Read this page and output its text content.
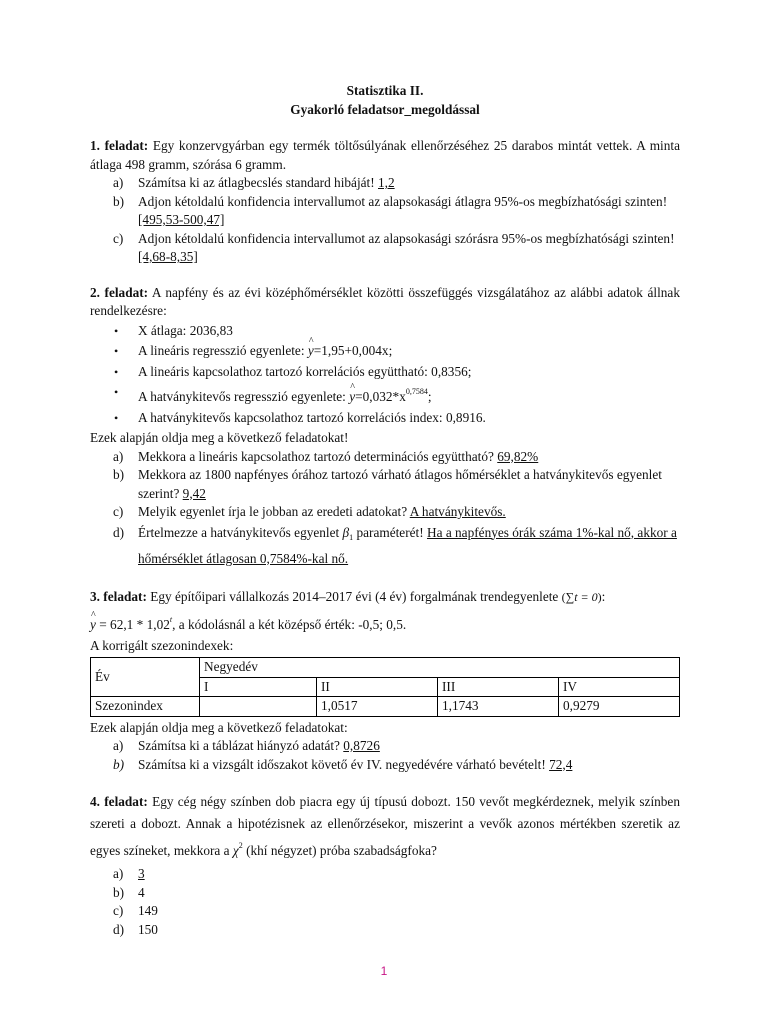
Statisztika II.

Gyakorló feladatsor_megoldással

1. feladat: Egy konzervgyárban egy termék töltősúlyának ellenőrzéséhez 25 darabos mintát vettek. A minta átlaga 498 gramm, szórása 6 gramm.

a) Számítsa ki az átlagbecslés standard hibáját! 1,2
b) Adjon kétoldalú konfidencia intervallumot az alapsokasági átlagra 95%-os megbízhatósági szinten! [495,53-500,47]
c) Adjon kétoldalú konfidencia intervallumot az alapsokasági szórásra 95%-os megbízhatósági szinten! [4,68-8,35]

2. feladat: A napfény és az évi középhőmérséklet közötti összefüggés vizsgálatához az alábbi adatok állnak rendelkezésre:

• X átlaga: 2036,83
• A lineáris regresszió egyenlete: ^ y=1,95+0,004x;
• A lineáris kapcsolathoz tartozó korrelációs együttható: 0,8356;
• A hatványkitevős regresszió egyenlete: ^ $y=0,032*x^{0,7584}$;
• A hatványkitevős kapcsolathoz tartozó korrelációs index: 0,8916.

Ezek alapján oldja meg a következő feladatokat!

a) Mekkora a lineáris kapcsolathoz tartozó determinációs együttható? 69,82%
b) Mekkora az 1800 napfényes órához tartozó várható átlagos hőmérséklet a hatványkitevős egyenlet szerint? 9,42
c) Melyik egyenlet írja le jobban az eredeti adatokat? A hatványkitevős.
d) Értelmezze a hatványkitevős egyenlet $\beta_1$ paraméterét! Ha a napfényes órák száma 1%-kal nő, akkor a hőmérséklet átlagosan 0,7584%-kal nő.

3. feladat: Egy építőipari vállalkozás 2014–2017 évi (4 év) forgalmának trendegyenlete (∑t = 0):

^ y = 62,1 * 1,02$^t$, a kódolásnál a két középső érték: -0,5; 0,5.

A korrigált szezonindexek:

Év	Negyedév			
	I	II	III	IV
Szezonindex		1,0517	1,1743	0,9279

Ezek alapján oldja meg a következő feladatokat:

a) Számítsa ki a táblázat hiányzó adatát? 0,8726
b) Számítsa ki a vizsgált időszakot követő év IV. negyedévére várható bevételt! 72,4

4. feladat: Egy cég négy színben dob piacra egy új típusú dobozt. 150 vevőt megkérdeznek, melyik színben szereti a dobozt. Annak a hipotézisnek az ellenőrzésekor, miszerint a vevők azonos mértékben szeretik az egyes színeket, mekkora a $\chi^2$ (khí négyzet) próba szabadságfoka?

a) 3
b) 4
c) 149
d) 150
1
